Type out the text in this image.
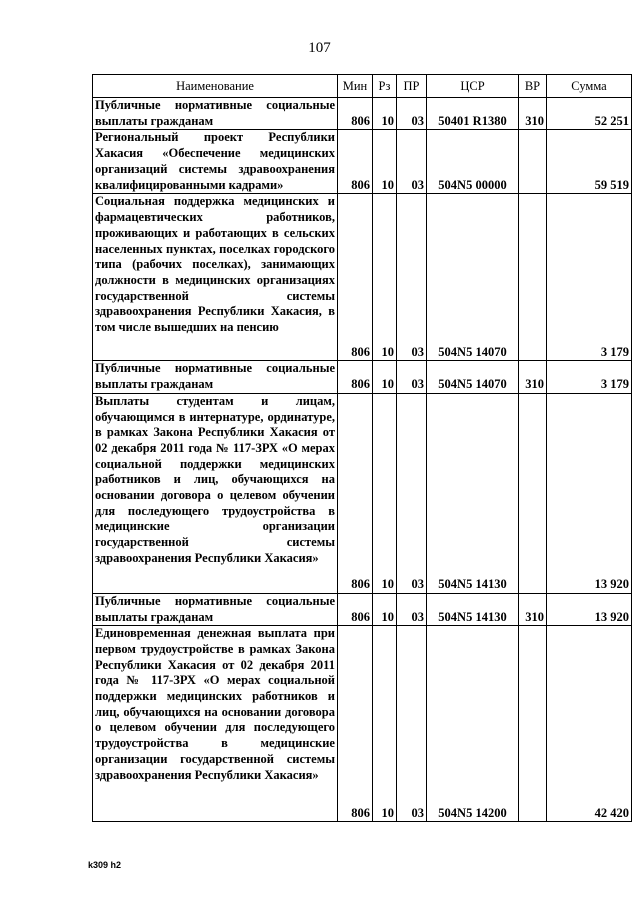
107
Наименование	Мин	Рз	ПР	ЦСР	ВР	Сумма
Публичные нормативные социальные выплаты гражданам	806	10	03	50401 R1380	310	52 251
Региональный проект Республики Хакасия «Обеспечение медицинских организаций системы здравоохранения квалифицированными кадрами»	806	10	03	504N5 00000		59 519
Социальная поддержка медицинских и фармацевтических работников, проживающих и работающих в сельских населенных пунктах, поселках городского типа (рабочих поселках), занимающих должности в медицинских организациях государственной системы здравоохранения Республики Хакасия, в том числе вышедших на пенсию	806	10	03	504N5 14070		3 179
Публичные нормативные социальные выплаты гражданам	806	10	03	504N5 14070	310	3 179
Выплаты студентам и лицам, обучающимся в интернатуре, ординатуре, в рамках Закона Республики Хакасия от 02 декабря 2011 года № 117-ЗРХ «О мерах социальной поддержки медицинских работников и лиц, обучающихся на основании договора о целевом обучении для последующего трудоустройства в медицинские организации государственной системы здравоохранения Республики Хакасия»	806	10	03	504N5 14130		13 920
Публичные нормативные социальные выплаты гражданам	806	10	03	504N5 14130	310	13 920
Единовременная денежная выплата при первом трудоустройстве в рамках Закона Республики Хакасия от 02 декабря 2011 года № 117-ЗРХ «О мерах социальной поддержки медицинских работников и лиц, обучающихся на основании договора о целевом обучении для последующего трудоустройства в медицинские организации государственной системы здравоохранения Республики Хакасия»	806	10	03	504N5 14200		42 420
k309 h2
